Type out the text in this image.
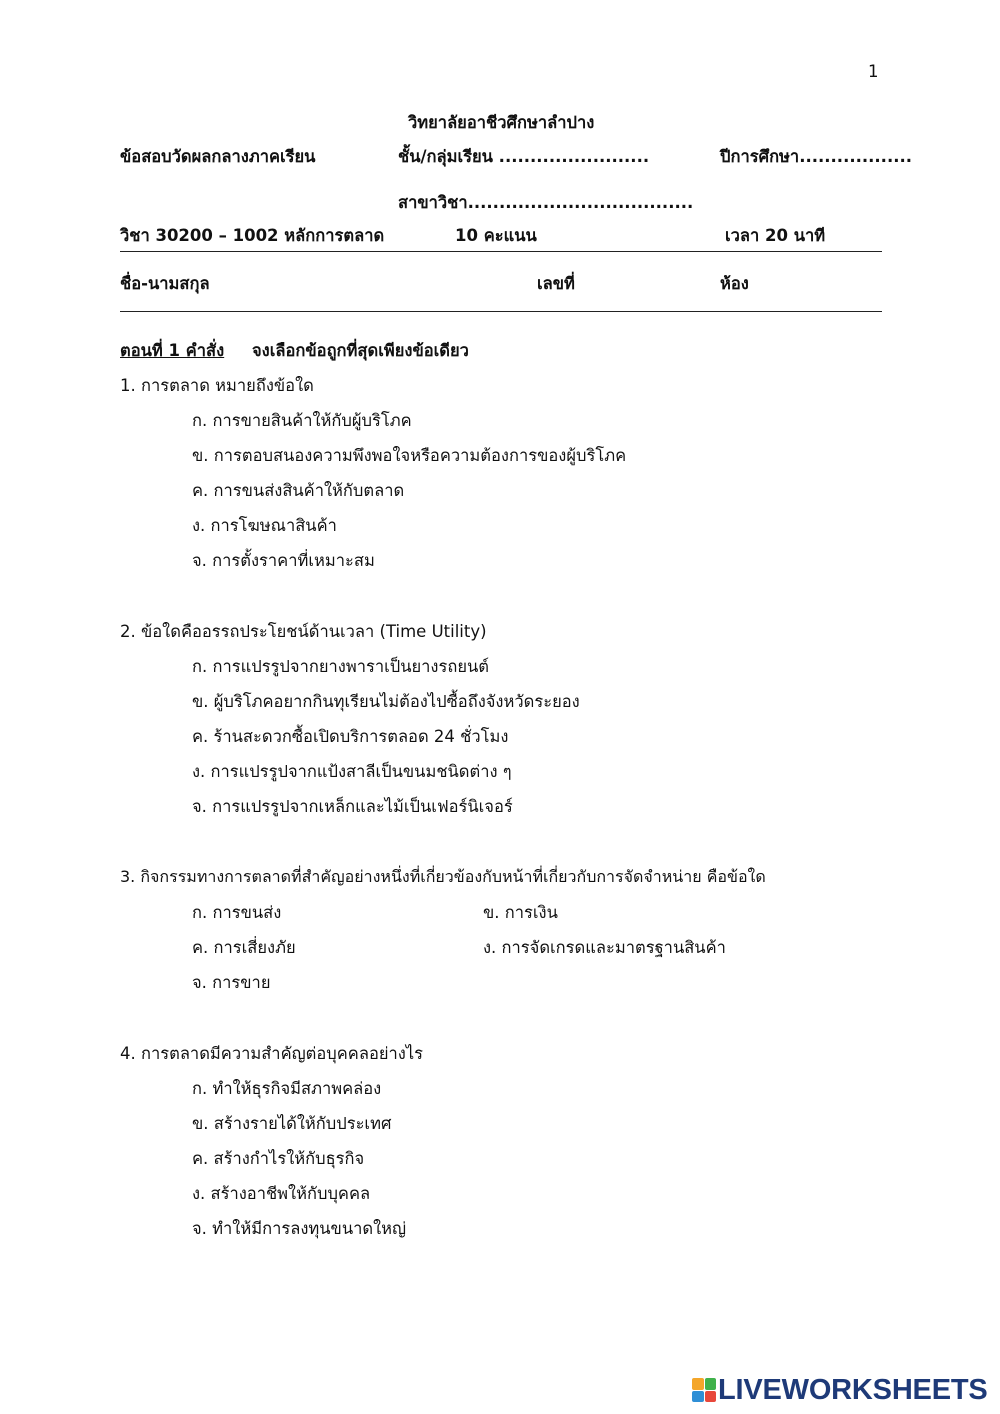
1
วิทยาลัยอาชีวศึกษาลำปาง
ข้อสอบวัดผลกลางภาคเรียน	ชั้น/กลุ่มเรียน ........................	ปีการศึกษา..................
สาขาวิชา....................................
วิชา 30200 – 1002 หลักการตลาด	10 คะแนน	เวลา 20 นาที
ชื่อ-นามสกุล	เลขที่	ห้อง
ตอนที่ 1 คำสั่ง จงเลือกข้อถูกที่สุดเพียงข้อเดียว
1. การตลาด หมายถึงข้อใด
ก. การขายสินค้าให้กับผู้บริโภค
ข. การตอบสนองความพึงพอใจหรือความต้องการของผู้บริโภค
ค. การขนส่งสินค้าให้กับตลาด
ง. การโฆษณาสินค้า
จ. การตั้งราคาที่เหมาะสม
2. ข้อใดคืออรรถประโยชน์ด้านเวลา (Time Utility)
ก. การแปรรูปจากยางพาราเป็นยางรถยนต์
ข. ผู้บริโภคอยากกินทุเรียนไม่ต้องไปซื้อถึงจังหวัดระยอง
ค. ร้านสะดวกซื้อเปิดบริการตลอด 24 ชั่วโมง
ง. การแปรรูปจากแป้งสาลีเป็นขนมชนิดต่าง ๆ
จ. การแปรรูปจากเหล็กและไม้เป็นเฟอร์นิเจอร์
3. กิจกรรมทางการตลาดที่สำคัญอย่างหนึ่งที่เกี่ยวข้องกับหน้าที่เกี่ยวกับการจัดจำหน่าย คือข้อใด
ก. การขนส่ง	ข. การเงิน
ค. การเสี่ยงภัย	ง. การจัดเกรดและมาตรฐานสินค้า
จ. การขาย
4. การตลาดมีความสำคัญต่อบุคคลอย่างไร
ก. ทำให้ธุรกิจมีสภาพคล่อง
ข. สร้างรายได้ให้กับประเทศ
ค. สร้างกำไรให้กับธุรกิจ
ง. สร้างอาชีพให้กับบุคคล
จ. ทำให้มีการลงทุนขนาดใหญ่
LIVEWORKSHEETS
